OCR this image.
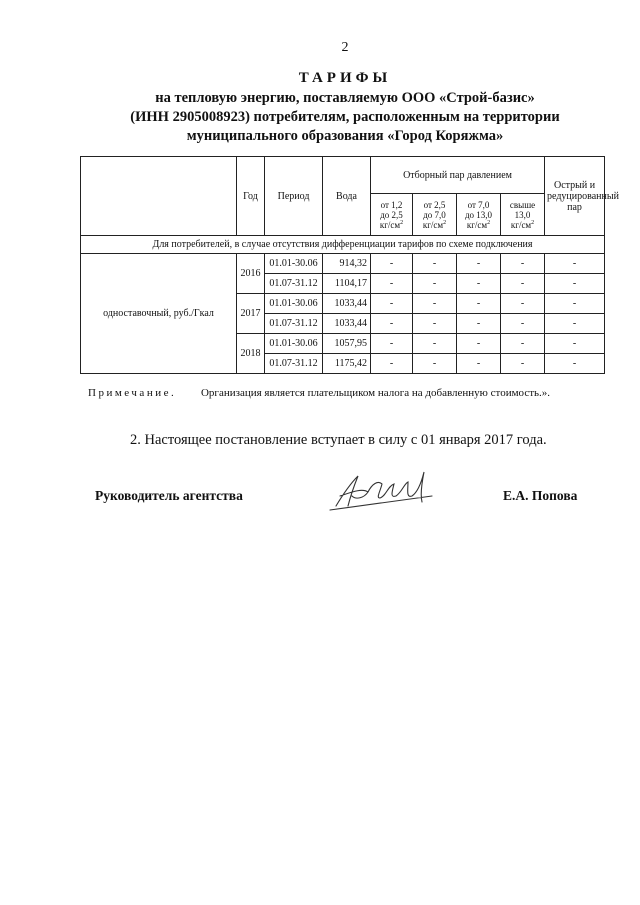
2
ТАРИФЫ
на тепловую энергию, поставляемую ООО «Строй-базис»
(ИНН 2905008923) потребителям, расположенным на территории
муниципального образования «Город Коряжма»
	Год	Период	Вода	Отборный пар давлением				Острый и редуцированный пар
				от 1,2
до 2,5
$кг/см^2$	от 2,5
до 7,0
$кг/см^2$	от 7,0
до 13,0
$кг/см^2$	свыше
13,0
$кг/см^2$
Для потребителей, в случае отсутствия дифференциации тарифов по схеме подключения								
одноставочный, руб./Гкал	2016	01.01-30.06	914,32	-	-	-	-	-
		01.07-31.12	1104,17	-	-	-	-	-
	2017	01.01-30.06	1033,44	-	-	-	-	-
		01.07-31.12	1033,44	-	-	-	-	-
	2018	01.01-30.06	1057,95	-	-	-	-	-
		01.07-31.12	1175,42	-	-	-	-	-
Примечание. Организация является плательщиком налога на добавленную стоимость.».
2. Настоящее постановление вступает в силу с 01 января 2017 года.
Руководитель агентства	Е.А. Попова
